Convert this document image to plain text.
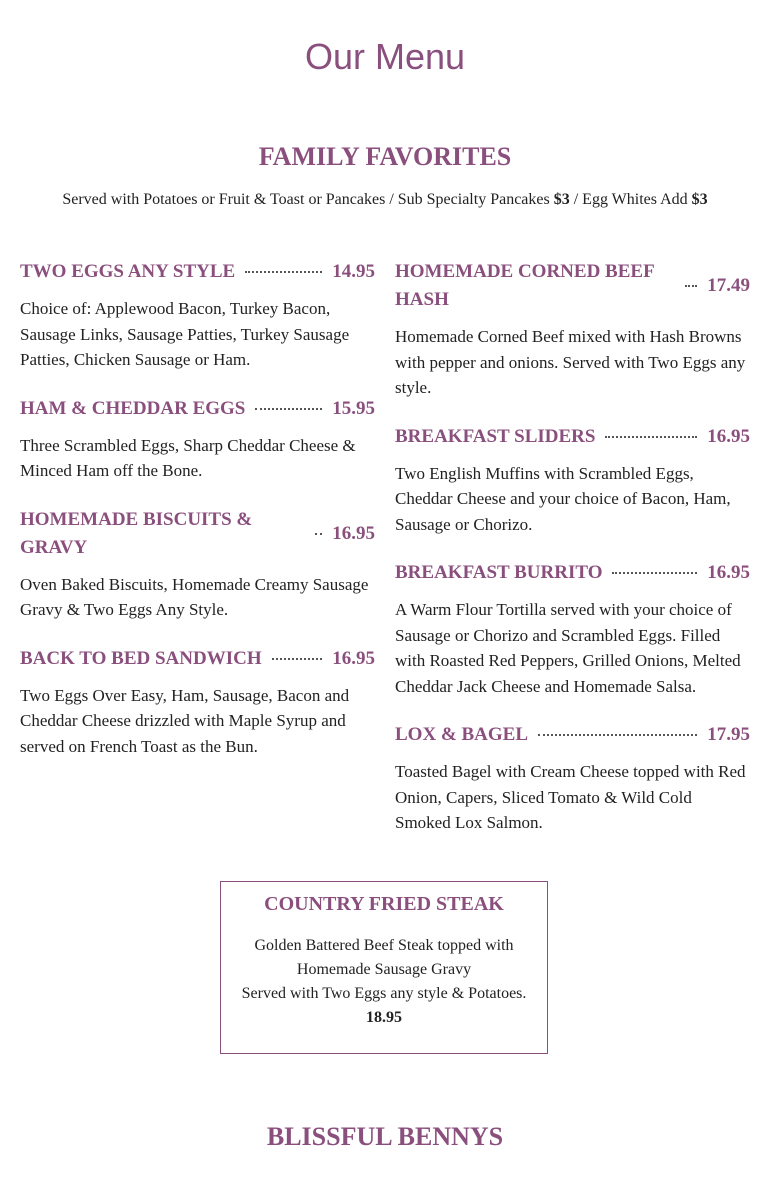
Our Menu
FAMILY FAVORITES
Served with Potatoes or Fruit & Toast or Pancakes / Sub Specialty Pancakes $3 / Egg Whites Add $3
TWO EGGS ANY STYLE	14.95

Choice of: Applewood Bacon, Turkey Bacon, Sausage Links, Sausage Patties, Turkey Sausage Patties, Chicken Sausage or Ham.

HAM & CHEDDAR EGGS	15.95

Three Scrambled Eggs, Sharp Cheddar Cheese & Minced Ham off the Bone.

HOMEMADE BISCUITS & GRAVY
16.95

Oven Baked Biscuits, Homemade Creamy Sausage Gravy & Two Eggs Any Style.

BACK TO BED SANDWICH	16.95

Two Eggs Over Easy, Ham, Sausage, Bacon and Cheddar Cheese drizzled with Maple Syrup and served on French Toast as the Bun.

HOMEMADE CORNED BEEF HASH
17.49

Homemade Corned Beef mixed with Hash Browns with pepper and onions. Served with Two Eggs any style.

BREAKFAST SLIDERS	16.95

Two English Muffins with Scrambled Eggs, Cheddar Cheese and your choice of Bacon, Ham, Sausage or Chorizo.

BREAKFAST BURRITO	16.95

A Warm Flour Tortilla served with your choice of Sausage or Chorizo and Scrambled Eggs. Filled with Roasted Red Peppers, Grilled Onions, Melted Cheddar Jack Cheese and Homemade Salsa.

LOX & BAGEL	17.95

Toasted Bagel with Cream Cheese topped with Red Onion, Capers, Sliced Tomato & Wild Cold Smoked Lox Salmon.

COUNTRY FRIED STEAK
Golden Battered Beef Steak topped with
Homemade Sausage Gravy
Served with Two Eggs any style & Potatoes.
18.95
BLISSFUL BENNYS
